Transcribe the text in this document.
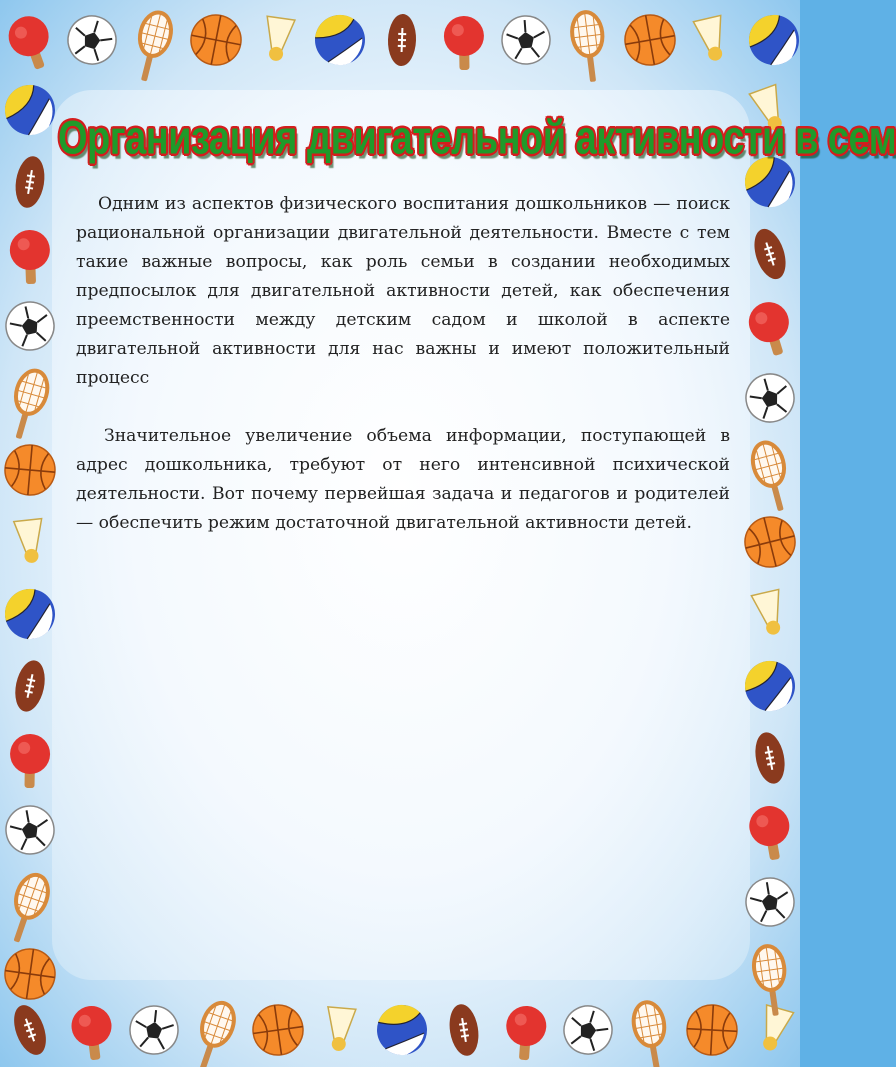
Организация двигательной активности в сем

Одним из аспектов физического воспитания дошкольников — поиск рациональной организации двигательной деятельности. Вместе с тем такие важные вопросы, как роль семьи в создании необходимых предпосылок для двигательной активности детей, как обеспечения преемственности между детским садом и школой в аспекте двигательной активности для нас важны и имеют положительный процесс

Значительное увеличение объема информации, поступающей в адрес дошкольника, требуют от него интенсивной психической деятельности. Вот почему первейшая задача и педагогов и родителей — обеспечить режим достаточной двигательной активности детей.
